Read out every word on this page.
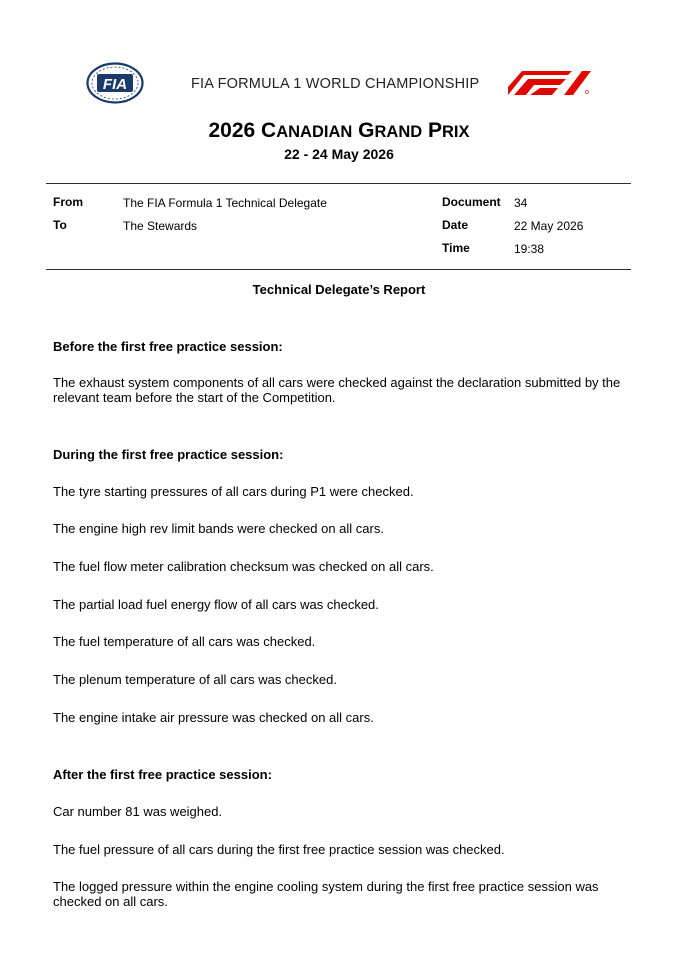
FIA	FIA FORMULA 1 WORLD CHAMPIONSHIP
2026 CANADIAN GRAND PRIX
22 - 24 May 2026
From	The FIA Formula 1 Technical Delegate
To	The Stewards
Document 34
Date	22 May 2026
Time	19:38
Technical Delegate’s Report
Before the first free practice session:
The exhaust system components of all cars were checked against the declaration submitted by the relevant team before the start of the Competition.
During the first free practice session:
The tyre starting pressures of all cars during P1 were checked.
The engine high rev limit bands were checked on all cars.
The fuel flow meter calibration checksum was checked on all cars.
The partial load fuel energy flow of all cars was checked.
The fuel temperature of all cars was checked.
The plenum temperature of all cars was checked.
The engine intake air pressure was checked on all cars.
After the first free practice session:
Car number 81 was weighed.
The fuel pressure of all cars during the first free practice session was checked.
The logged pressure within the engine cooling system during the first free practice session was checked on all cars.
